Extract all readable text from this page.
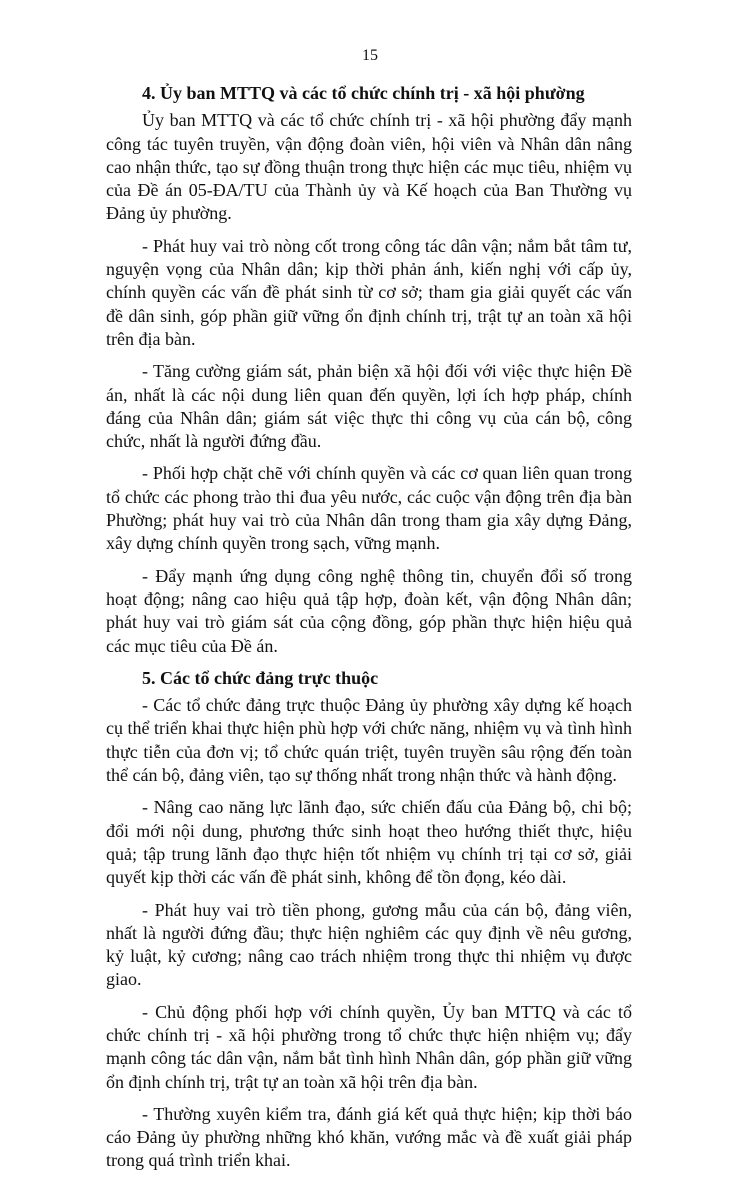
15

4. Ủy ban MTTQ và các tổ chức chính trị - xã hội phường

Ủy ban MTTQ và các tổ chức chính trị - xã hội phường đẩy mạnh công tác tuyên truyền, vận động đoàn viên, hội viên và Nhân dân nâng cao nhận thức, tạo sự đồng thuận trong thực hiện các mục tiêu, nhiệm vụ của Đề án 05-ĐA/TU của Thành ủy và Kế hoạch của Ban Thường vụ Đảng ủy phường.

- Phát huy vai trò nòng cốt trong công tác dân vận; nắm bắt tâm tư, nguyện vọng của Nhân dân; kịp thời phản ánh, kiến nghị với cấp ủy, chính quyền các vấn đề phát sinh từ cơ sở; tham gia giải quyết các vấn đề dân sinh, góp phần giữ vững ổn định chính trị, trật tự an toàn xã hội trên địa bàn.

- Tăng cường giám sát, phản biện xã hội đối với việc thực hiện Đề án, nhất là các nội dung liên quan đến quyền, lợi ích hợp pháp, chính đáng của Nhân dân; giám sát việc thực thi công vụ của cán bộ, công chức, nhất là người đứng đầu.

- Phối hợp chặt chẽ với chính quyền và các cơ quan liên quan trong tổ chức các phong trào thi đua yêu nước, các cuộc vận động trên địa bàn Phường; phát huy vai trò của Nhân dân trong tham gia xây dựng Đảng, xây dựng chính quyền trong sạch, vững mạnh.

- Đẩy mạnh ứng dụng công nghệ thông tin, chuyển đổi số trong hoạt động; nâng cao hiệu quả tập hợp, đoàn kết, vận động Nhân dân; phát huy vai trò giám sát của cộng đồng, góp phần thực hiện hiệu quả các mục tiêu của Đề án.

5. Các tổ chức đảng trực thuộc

- Các tổ chức đảng trực thuộc Đảng ủy phường xây dựng kế hoạch cụ thể triển khai thực hiện phù hợp với chức năng, nhiệm vụ và tình hình thực tiễn của đơn vị; tổ chức quán triệt, tuyên truyền sâu rộng đến toàn thể cán bộ, đảng viên, tạo sự thống nhất trong nhận thức và hành động.

- Nâng cao năng lực lãnh đạo, sức chiến đấu của Đảng bộ, chi bộ; đổi mới nội dung, phương thức sinh hoạt theo hướng thiết thực, hiệu quả; tập trung lãnh đạo thực hiện tốt nhiệm vụ chính trị tại cơ sở, giải quyết kịp thời các vấn đề phát sinh, không để tồn đọng, kéo dài.

- Phát huy vai trò tiền phong, gương mẫu của cán bộ, đảng viên, nhất là người đứng đầu; thực hiện nghiêm các quy định về nêu gương, kỷ luật, kỷ cương; nâng cao trách nhiệm trong thực thi nhiệm vụ được giao.

- Chủ động phối hợp với chính quyền, Ủy ban MTTQ và các tổ chức chính trị - xã hội phường trong tổ chức thực hiện nhiệm vụ; đẩy mạnh công tác dân vận, nắm bắt tình hình Nhân dân, góp phần giữ vững ổn định chính trị, trật tự an toàn xã hội trên địa bàn.

- Thường xuyên kiểm tra, đánh giá kết quả thực hiện; kịp thời báo cáo Đảng ủy phường những khó khăn, vướng mắc và đề xuất giải pháp trong quá trình triển khai.
